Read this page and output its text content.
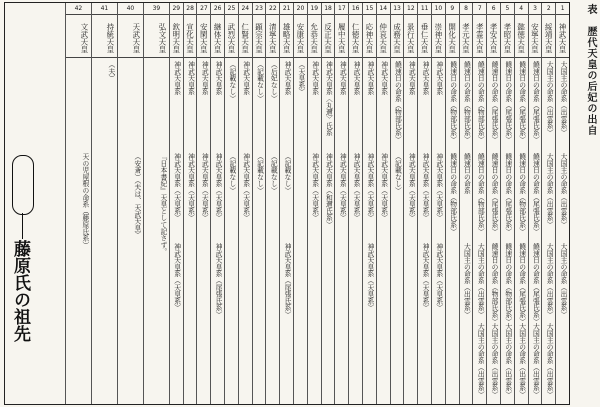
表　歴代天皇の后妃の出自
1
神武天皇
大国主の命系（出雲系）
大国主の命系（出雲系）
大国主の命系（出雲系）
2
綏靖天皇
大国主の命系（出雲系）
大国主の命系（出雲系）
大国主の命系（出雲系）
大国主の命系（出雲系）
3
安寧天皇
饒速日の命系（尾張氏系）
饒速日の命系（尾張氏系）
饒速日の命系（尾張氏系）
大国主の命系（出雲系）
4
懿徳天皇
饒速日の命系（尾張氏系）
饒速日の命系（物部氏系）
饒速日の命系（尾張氏系）
大国主の命系（出雲系）
5
孝昭天皇
饒速日の命系（尾張氏系）
饒速日の命系（尾張氏系）
饒速日の命系（物部氏系）
大国主の命系（出雲系）
6
孝安天皇
饒速日の命系（尾張氏系）
饒速日の命系（尾張氏系）
饒速日の命系（物部氏系）
大国主の命系（出雲系）
7
孝霊天皇
饒速日の命系（物部氏系）
饒速日の命系（物部氏系）
大国主の命系（出雲系）
大国主の命系（出雲系）
8
孝元天皇
饒速日の命系（物部氏系）
饒速日の命系
大国主の命系（出雲系）
9
開化天皇
饒速日の命系（物部氏系）
饒速日の命系（物部氏系）
10
崇神天皇
神武天皇系
神武天皇系（天皇系）
神武天皇系（天皇系）
11
垂仁天皇
神武天皇系
神武天皇系（天皇系）
神武天皇系（天皇系）
12
景行天皇
神武天皇系
神武天皇系（天皇系）
13
成務天皇
饒速日の命系（物部氏系）
（記載なし）
14
仲哀天皇
神武天皇系
神武天皇系（天皇系）
15
応神天皇
神武天皇系
神武天皇系（天皇系）
神武天皇系（天皇系）
16
仁徳天皇
神武天皇系
神武天皇系（天皇系）
17
履中天皇
神武天皇系
神武天皇系（天皇系）
18
反正天皇
神武天皇系〈丸邇〉氏系
神武天皇系（和邇氏系）
19
允恭天皇
神武天皇系
神武天皇系（天皇系）
20
安康天皇
（天皇系）
21
雄略天皇
神武天皇系
（記載なし）
神武天皇系（尾張氏系）
22
清寧天皇
（后妃なし）
（記載なし）
23
顕宗天皇
（記載なし）
（記載なし）
24
仁賢天皇
神武天皇系
神武天皇系（天皇系）
25
武烈天皇
（記載なし）
（記載なし）
26
継体天皇
神武天皇系
神武天皇系（天皇系）
神武天皇系（尾張氏系）
27
安閑天皇
神武天皇系
神武天皇系（天皇系）
28
宣化天皇
神武天皇系
神武天皇系（天皇系）
29
欽明天皇
神武天皇系
神武天皇系（天皇系）
神武天皇系（天皇系）
39
弘文天皇
『日本書紀』天皇として記さず。
40
天武天皇
（安斎）（夫は、天武天皇）
41
持統天皇
（夫）
42
文武天皇
天の児屋根の命系（藤原氏系）
藤原氏の祖先
